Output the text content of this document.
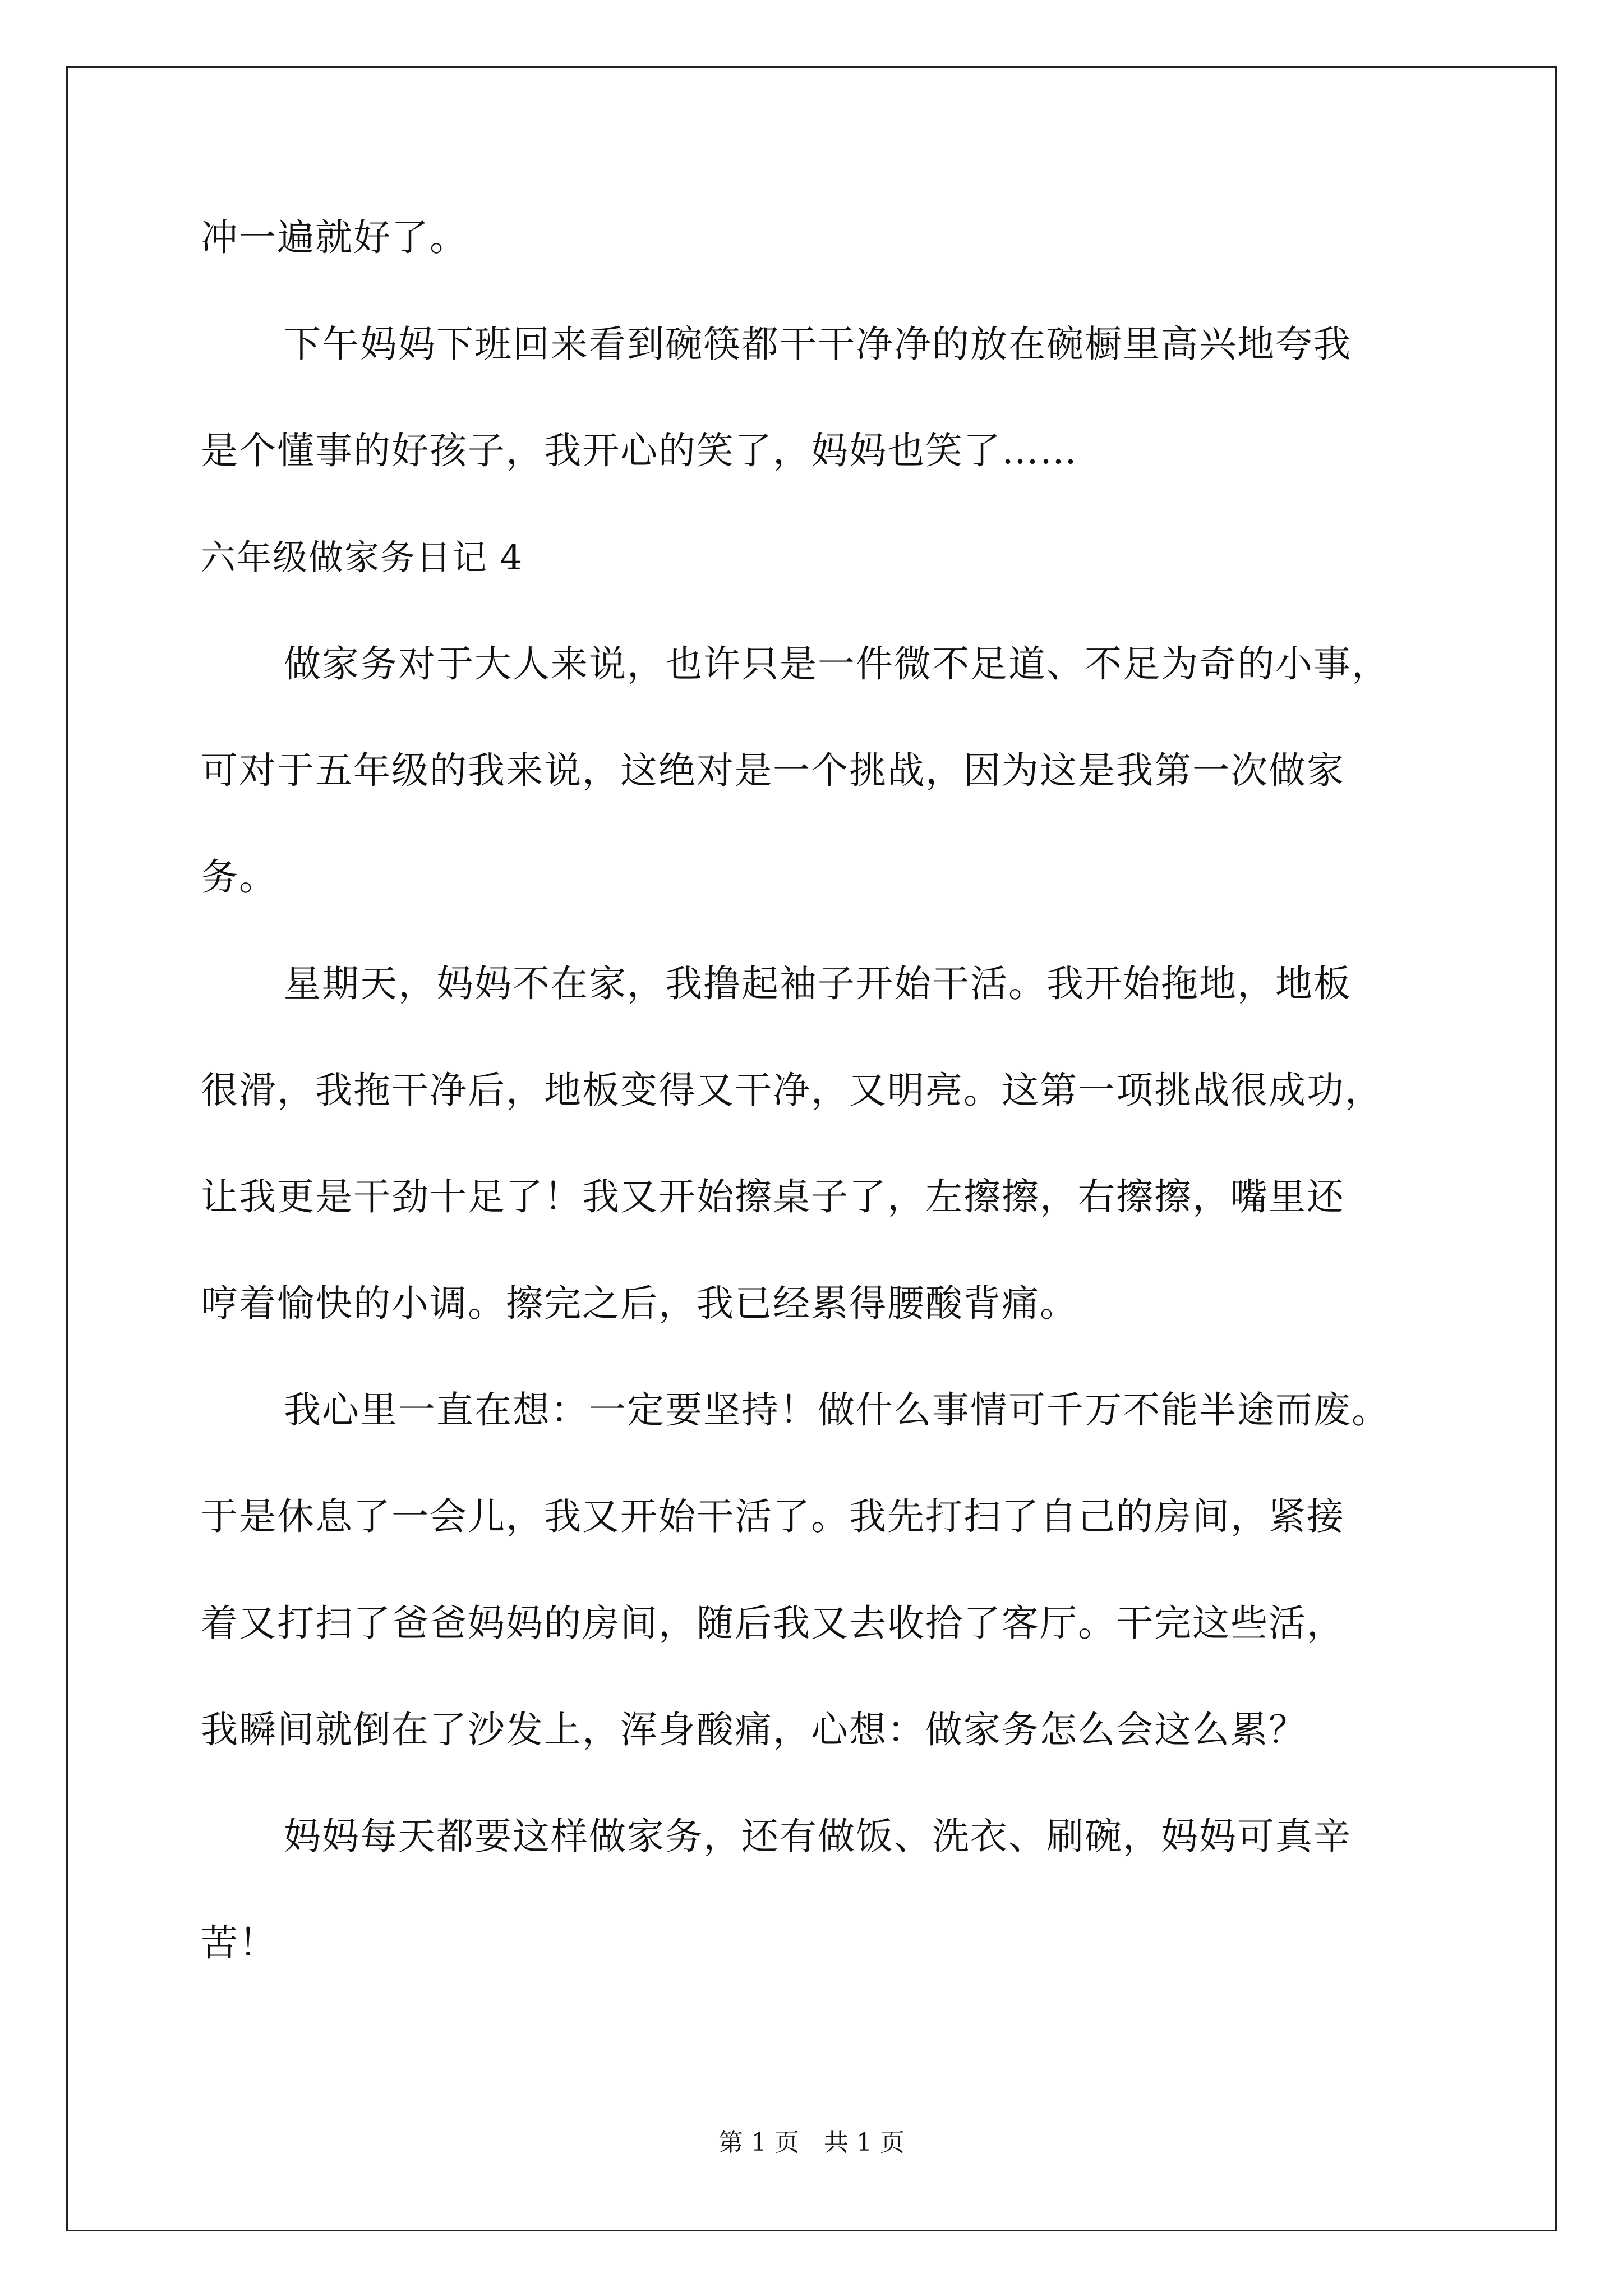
冲一遍就好了。
下午妈妈下班回来看到碗筷都干干净净的放在碗橱里高兴地夸我
是个懂事的好孩子，我开心的笑了，妈妈也笑了……
六年级做家务日记 4
做家务对于大人来说，也许只是一件微不足道、不足为奇的小事，
可对于五年级的我来说，这绝对是一个挑战，因为这是我第一次做家
务。
星期天，妈妈不在家，我撸起袖子开始干活。我开始拖地，地板
很滑，我拖干净后，地板变得又干净，又明亮。这第一项挑战很成功，
让我更是干劲十足了！我又开始擦桌子了，左擦擦，右擦擦，嘴里还
哼着愉快的小调。擦完之后，我已经累得腰酸背痛。
我心里一直在想：一定要坚持！做什么事情可千万不能半途而废。
于是休息了一会儿，我又开始干活了。我先打扫了自己的房间，紧接
着又打扫了爸爸妈妈的房间，随后我又去收拾了客厅。干完这些活，
我瞬间就倒在了沙发上，浑身酸痛，心想：做家务怎么会这么累？
妈妈每天都要这样做家务，还有做饭、洗衣、刷碗，妈妈可真辛
苦！
第 1 页 共 1 页
